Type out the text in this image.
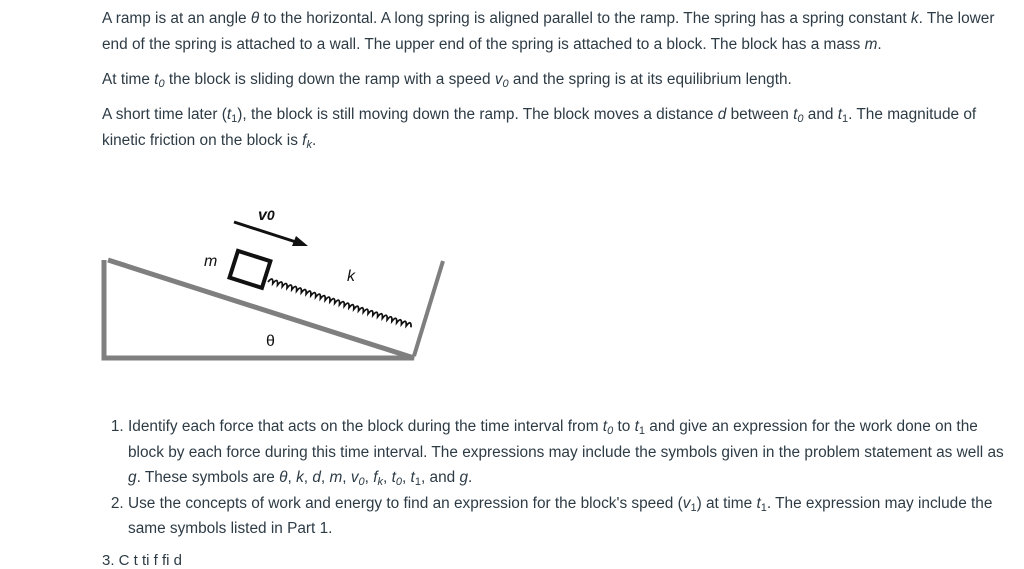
A ramp is at an angle θ to the horizontal. A long spring is aligned parallel to the ramp. The spring has a spring constant k. The lower end of the spring is attached to a wall. The upper end of the spring is attached to a block. The block has a mass m.

At time $t_0$ the block is sliding down the ramp with a speed $v_0$ and the spring is at its equilibrium length.

A short time later $(t_1)$, the block is still moving down the ramp. The block moves a distance d between $t_0$ and $t_1$. The magnitude of kinetic friction on the block is $f_k$.

v0
m
k
θ
1. Identify each force that acts on the block during the time interval from $t_0$ to $t_1$ and give an expression for the work done on the block by each force during this time interval. The expressions may include the symbols given in the problem statement as well as g. These symbols are θ, k, d, m, $v_0$, $f_k$, $t_0$, $t_1$, and g.
2. Use the concepts of work and energy to find an expression for the block's speed $(v_1)$ at time $t_1$. The expression may include the same symbols listed in Part 1.
3. C t ti f fi d
